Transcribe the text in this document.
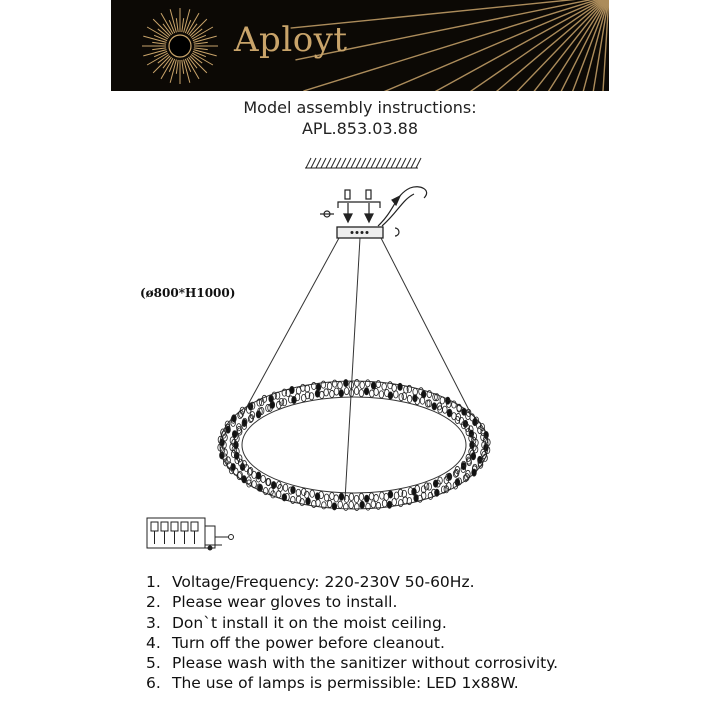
Aployt
Model assembly instructions:
APL.853.03.88
(ø800*H1000)
1. Voltage/Frequency: 220-230V 50-60Hz.
2. Please wear gloves to install.
3. Don`t install it on the moist ceiling.
4. Turn off the power before cleanout.
5. Please wash with the sanitizer without corrosivity.
6. The use of lamps is permissible: LED 1x88W.
